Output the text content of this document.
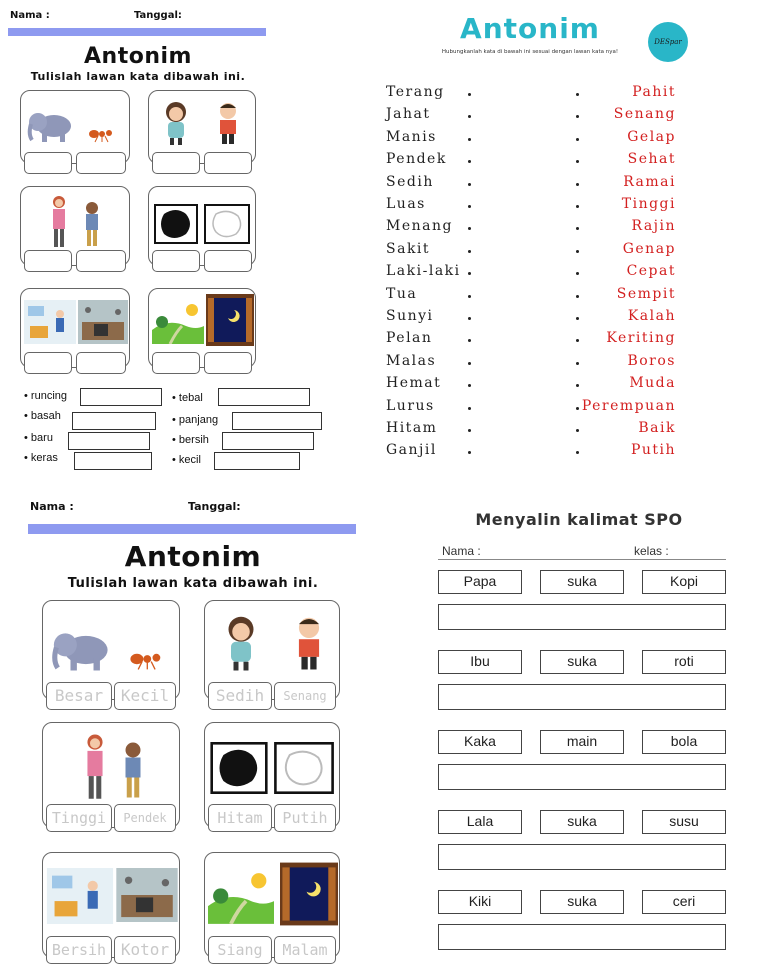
Nama :	Tanggal:
Antonim
Tulislah lawan kata dibawah ini.
• runcing
• basah
• baru
• keras
• tebal
• panjang
• bersih
• kecil
Antonim
Hubungkanlah kata di bawah ini sesuai dengan lawan kata nya!
DESpar
Terang	Pahit
Jahat	Senang
Manis	Gelap
Pendek	Sehat
Sedih	Ramai
Luas	Tinggi
Menang	Rajin
Sakit	Genap
Laki-laki	Cepat
Tua	Sempit
Sunyi	Kalah
Pelan	Keriting
Malas	Boros
Hemat	Muda
Lurus	Perempuan
Hitam	Baik
Ganjil	Putih
Nama :	Tanggal:
Antonim
Tulislah lawan kata dibawah ini.
Besar	Kecil	Sedih	Senang
Tinggi	Pendek	Hitam	Putih
Bersih Kotor	Siang	Malam
Menyalin kalimat SPO
Nama :	kelas :
Papa	suka	Kopi
Ibu	suka	roti
Kaka	main	bola
Lala	suka	susu
Kiki	suka	ceri
